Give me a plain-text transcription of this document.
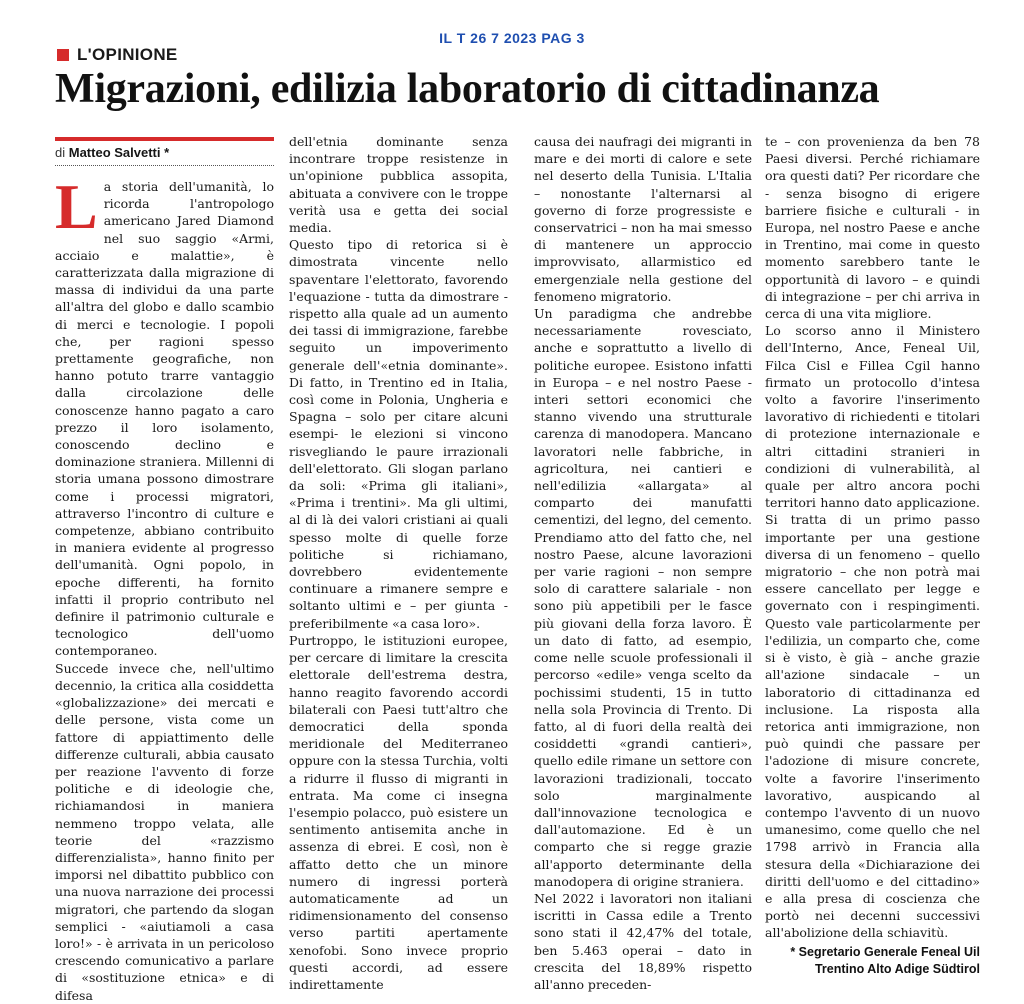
IL T 26 7 2023 PAG 3
L'OPINIONE
Migrazioni, edilizia laboratorio di cittadinanza
di Matteo Salvetti *
L a storia dell'umanità, lo ricorda l'antropologo americano Jared Diamond nel suo saggio «Armi, acciaio e malattie», è caratterizzata dalla migrazione di massa di individui da una parte all'altra del globo e dallo scambio di merci e tecnologie. I popoli che, per ragioni spesso prettamente geografiche, non hanno potuto trarre vantaggio dalla circolazione delle conoscenze hanno pagato a caro prezzo il loro isolamento, conoscendo declino e dominazione straniera. Millenni di storia umana possono dimostrare come i processi migratori, attraverso l'incontro di culture e competenze, abbiano contribuito in maniera evidente al progresso dell'umanità. Ogni popolo, in epoche differenti, ha fornito infatti il proprio contributo nel definire il patrimonio culturale e tecnologico dell'uomo contemporaneo.

Succede invece che, nell'ultimo decennio, la critica alla cosiddetta «globalizzazione» dei mercati e delle persone, vista come un fattore di appiattimento delle differenze culturali, abbia causato per reazione l'avvento di forze politiche e di ideologie che, richiamandosi in maniera nemmeno troppo velata, alle teorie del «razzismo differenzialista», hanno finito per imporsi nel dibattito pubblico con una nuova narrazione dei processi migratori, che partendo da slogan semplici - «aiutiamoli a casa loro!» - è arrivata in un pericoloso crescendo comunicativo a parlare di «sostituzione etnica» e di difesa

dell'etnia dominante senza incontrare troppe resistenze in un'opinione pubblica assopita, abituata a convivere con le troppe verità usa e getta dei social media.

Questo tipo di retorica si è dimostrata vincente nello spaventare l'elettorato, favorendo l'equazione - tutta da dimostrare - rispetto alla quale ad un aumento dei tassi di immigrazione, farebbe seguito un impoverimento generale dell'«etnia dominante». Di fatto, in Trentino ed in Italia, così come in Polonia, Ungheria e Spagna – solo per citare alcuni esempi- le elezioni si vincono risvegliando le paure irrazionali dell'elettorato. Gli slogan parlano da soli: «Prima gli italiani», «Prima i trentini». Ma gli ultimi, al di là dei valori cristiani ai quali spesso molte di quelle forze politiche si richiamano, dovrebbero evidentemente continuare a rimanere sempre e soltanto ultimi e – per giunta - preferibilmente «a casa loro».

Purtroppo, le istituzioni europee, per cercare di limitare la crescita elettorale dell'estrema destra, hanno reagito favorendo accordi bilaterali con Paesi tutt'altro che democratici della sponda meridionale del Mediterraneo oppure con la stessa Turchia, volti a ridurre il flusso di migranti in entrata. Ma come ci insegna l'esempio polacco, può esistere un sentimento antisemita anche in assenza di ebrei. E così, non è affatto detto che un minore numero di ingressi porterà automaticamente ad un ridimensionamento del consenso verso partiti apertamente xenofobi. Sono invece proprio questi accordi, ad essere indirettamente

causa dei naufragi dei migranti in mare e dei morti di calore e sete nel deserto della Tunisia. L'Italia – nonostante l'alternarsi al governo di forze progressiste e conservatrici – non ha mai smesso di mantenere un approccio improvvisato, allarmistico ed emergenziale nella gestione del fenomeno migratorio.

Un paradigma che andrebbe necessariamente rovesciato, anche e soprattutto a livello di politiche europee. Esistono infatti in Europa – e nel nostro Paese - interi settori economici che stanno vivendo una strutturale carenza di manodopera. Mancano lavoratori nelle fabbriche, in agricoltura, nei cantieri e nell'edilizia «allargata» al comparto dei manufatti cementizi, del legno, del cemento. Prendiamo atto del fatto che, nel nostro Paese, alcune lavorazioni per varie ragioni – non sempre solo di carattere salariale - non sono più appetibili per le fasce più giovani della forza lavoro. È un dato di fatto, ad esempio, come nelle scuole professionali il percorso «edile» venga scelto da pochissimi studenti, 15 in tutto nella sola Provincia di Trento. Di fatto, al di fuori della realtà dei cosiddetti «grandi cantieri», quello edile rimane un settore con lavorazioni tradizionali, toccato solo marginalmente dall'innovazione tecnologica e dall'automazione. Ed è un comparto che si regge grazie all'apporto determinante della manodopera di origine straniera.

Nel 2022 i lavoratori non italiani iscritti in Cassa edile a Trento sono stati il 42,47% del totale, ben 5.463 operai – dato in crescita del 18,89% rispetto all'anno preceden-

te – con provenienza da ben 78 Paesi diversi. Perché richiamare ora questi dati? Per ricordare che - senza bisogno di erigere barriere fisiche e culturali - in Europa, nel nostro Paese e anche in Trentino, mai come in questo momento sarebbero tante le opportunità di lavoro – e quindi di integrazione – per chi arriva in cerca di una vita migliore.

Lo scorso anno il Ministero dell'Interno, Ance, Feneal Uil, Filca Cisl e Fillea Cgil hanno firmato un protocollo d'intesa volto a favorire l'inserimento lavorativo di richiedenti e titolari di protezione internazionale e altri cittadini stranieri in condizioni di vulnerabilità, al quale per altro ancora pochi territori hanno dato applicazione. Si tratta di un primo passo importante per una gestione diversa di un fenomeno – quello migratorio – che non potrà mai essere cancellato per legge e governato con i respingimenti. Questo vale particolarmente per l'edilizia, un comparto che, come si è visto, è già – anche grazie all'azione sindacale – un laboratorio di cittadinanza ed inclusione. La risposta alla retorica anti immigrazione, non può quindi che passare per l'adozione di misure concrete, volte a favorire l'inserimento lavorativo, auspicando al contempo l'avvento di un nuovo umanesimo, come quello che nel 1798 arrivò in Francia alla stesura della «Dichiarazione dei diritti dell'uomo e del cittadino» e alla presa di coscienza che portò nei decenni successivi all'abolizione della schiavitù.

* Segretario Generale Feneal Uil
Trentino Alto Adige Südtirol
